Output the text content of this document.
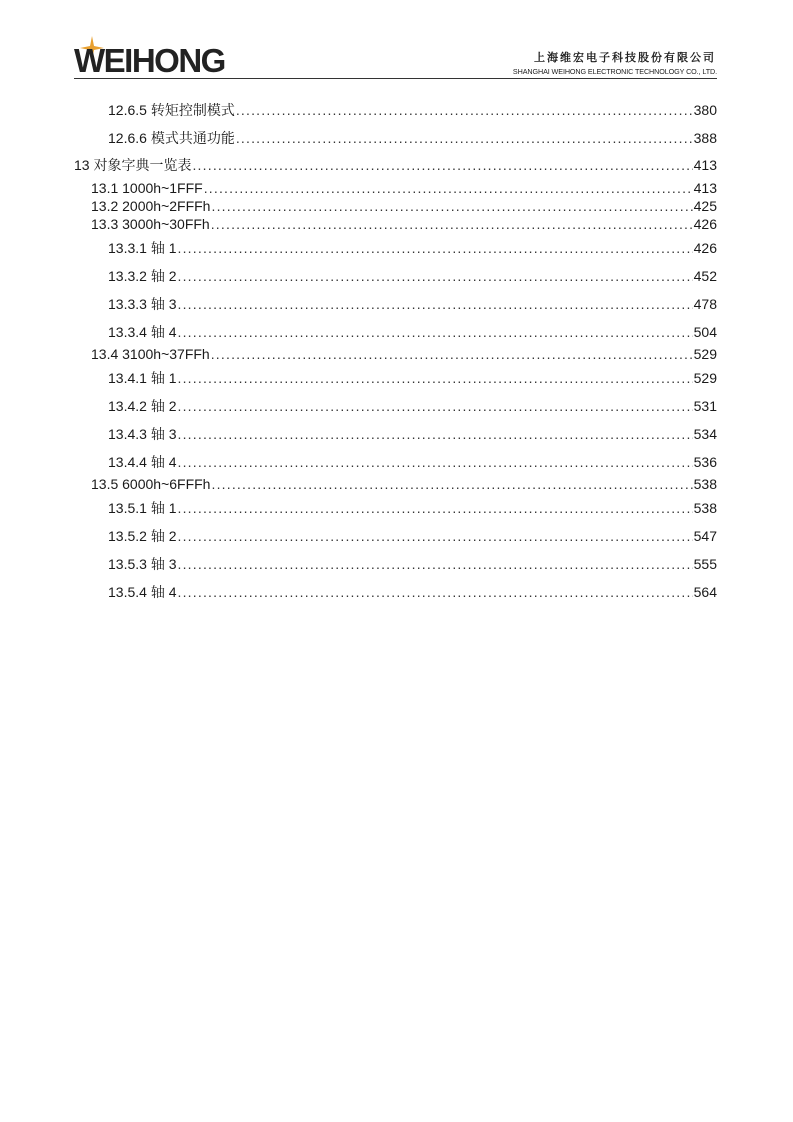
WEIHONG	上海维宏电子科技股份有限公司
SHANGHAI WEIHONG ELECTRONIC TECHNOLOGY CO., LTD.
12.6.5 转矩控制模式 .....	380
12.6.6 模式共通功能 .....	388
13 对象字典一览表 .....	413
13.1 1000h~1FFF .....	413
13.2 2000h~2FFFh .....	425
13.3 3000h~30FFh .....	426
13.3.1 轴 1 .....	426
13.3.2 轴 2 .....	452
13.3.3 轴 3 .....	478
13.3.4 轴 4 .....	504
13.4 3100h~37FFh .....	529
13.4.1 轴 1 .....	529
13.4.2 轴 2 .....	531
13.4.3 轴 3 .....	534
13.4.4 轴 4 .....	536
13.5 6000h~6FFFh .....	538
13.5.1 轴 1 .....	538
13.5.2 轴 2 .....	547
13.5.3 轴 3 .....	555
13.5.4 轴 4 .....	564
